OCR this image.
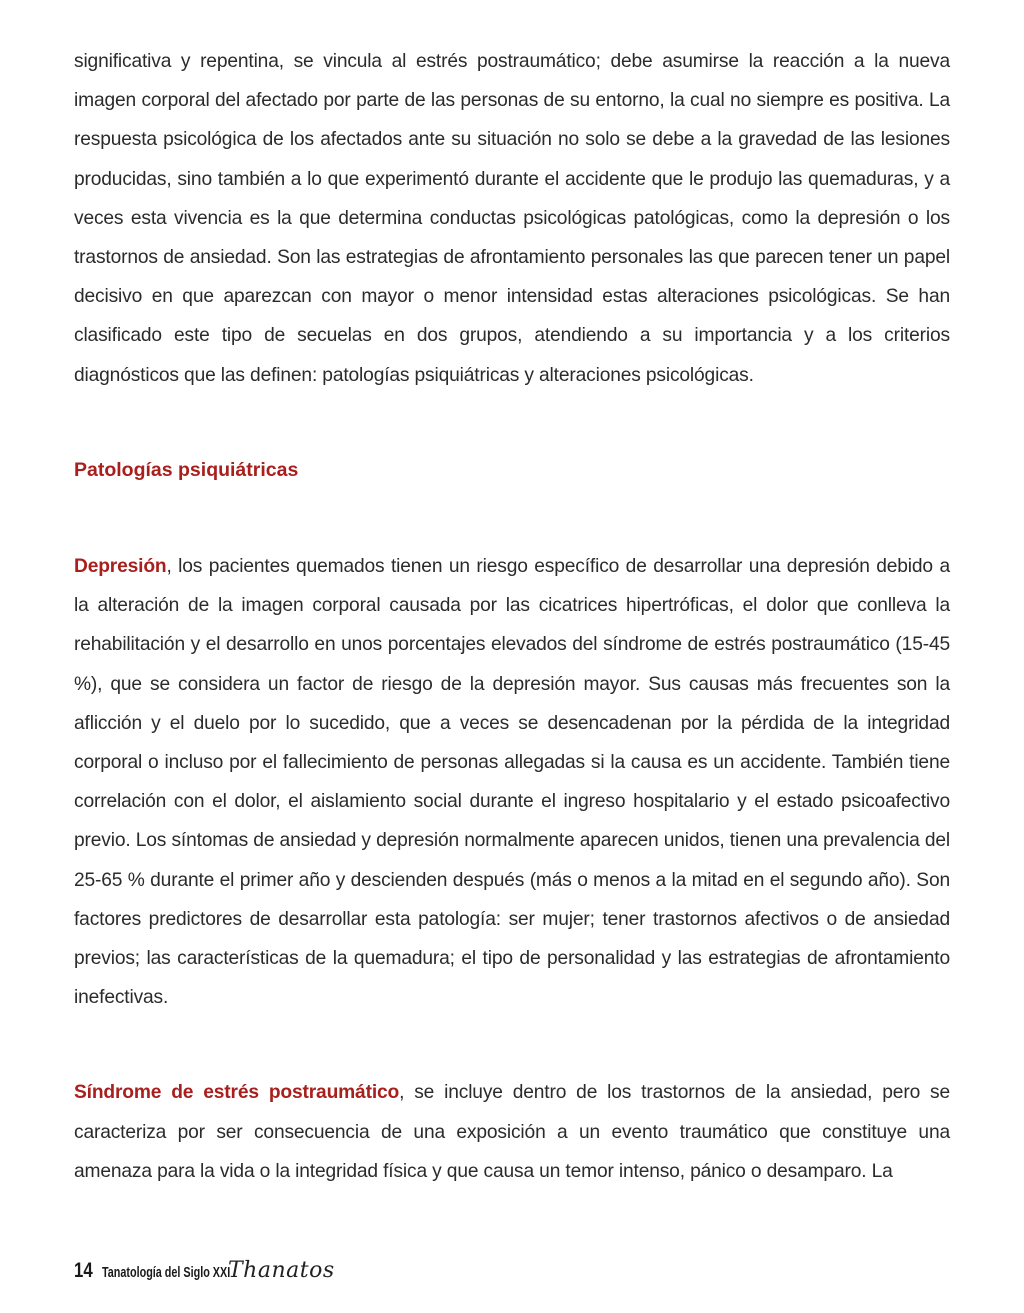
significativa y repentina, se vincula al estrés postraumático; debe asumirse la reacción a la nueva imagen corporal del afectado por parte de las personas de su entorno, la cual no siempre es positiva. La respuesta psicológica de los afectados ante su situación no solo se debe a la gravedad de las lesiones producidas, sino también a lo que experimentó durante el accidente que le produjo las quemaduras, y a veces esta vivencia es la que determina conductas psicológicas patológicas, como la depresión o los trastornos de ansiedad. Son las estrategias de afrontamiento personales las que parecen tener un papel decisivo en que aparezcan con mayor o menor intensidad estas alteraciones psicológicas. Se han clasificado este tipo de secuelas en dos grupos, atendiendo a su importancia y a los criterios diagnósticos que las definen: patologías psiquiátricas y alteraciones psicológicas.

Patologías psiquiátricas

Depresión, los pacientes quemados tienen un riesgo específico de desarrollar una depresión debido a la alteración de la imagen corporal causada por las cicatrices hipertróficas, el dolor que conlleva la rehabilitación y el desarrollo en unos porcentajes elevados del síndrome de estrés postraumático (15-45 %), que se considera un factor de riesgo de la depresión mayor. Sus causas más frecuentes son la aflicción y el duelo por lo sucedido, que a veces se desencadenan por la pérdida de la integridad corporal o incluso por el fallecimiento de personas allegadas si la causa es un accidente. También tiene correlación con el dolor, el aislamiento social durante el ingreso hospitalario y el estado psicoafectivo previo. Los síntomas de ansiedad y depresión normalmente aparecen unidos, tienen una prevalencia del 25-65 % durante el primer año y descienden después (más o menos a la mitad en el segundo año). Son factores predictores de desarrollar esta patología: ser mujer; tener trastornos afectivos o de ansiedad previos; las características de la quemadura; el tipo de personalidad y las estrategias de afrontamiento inefectivas.

Síndrome de estrés postraumático, se incluye dentro de los trastornos de la ansiedad, pero se caracteriza por ser consecuencia de una exposición a un evento traumático que constituye una amenaza para la vida o la integridad física y que causa un temor intenso, pánico o desamparo. La

14 Tanatología del Siglo XXI
Thanatos
